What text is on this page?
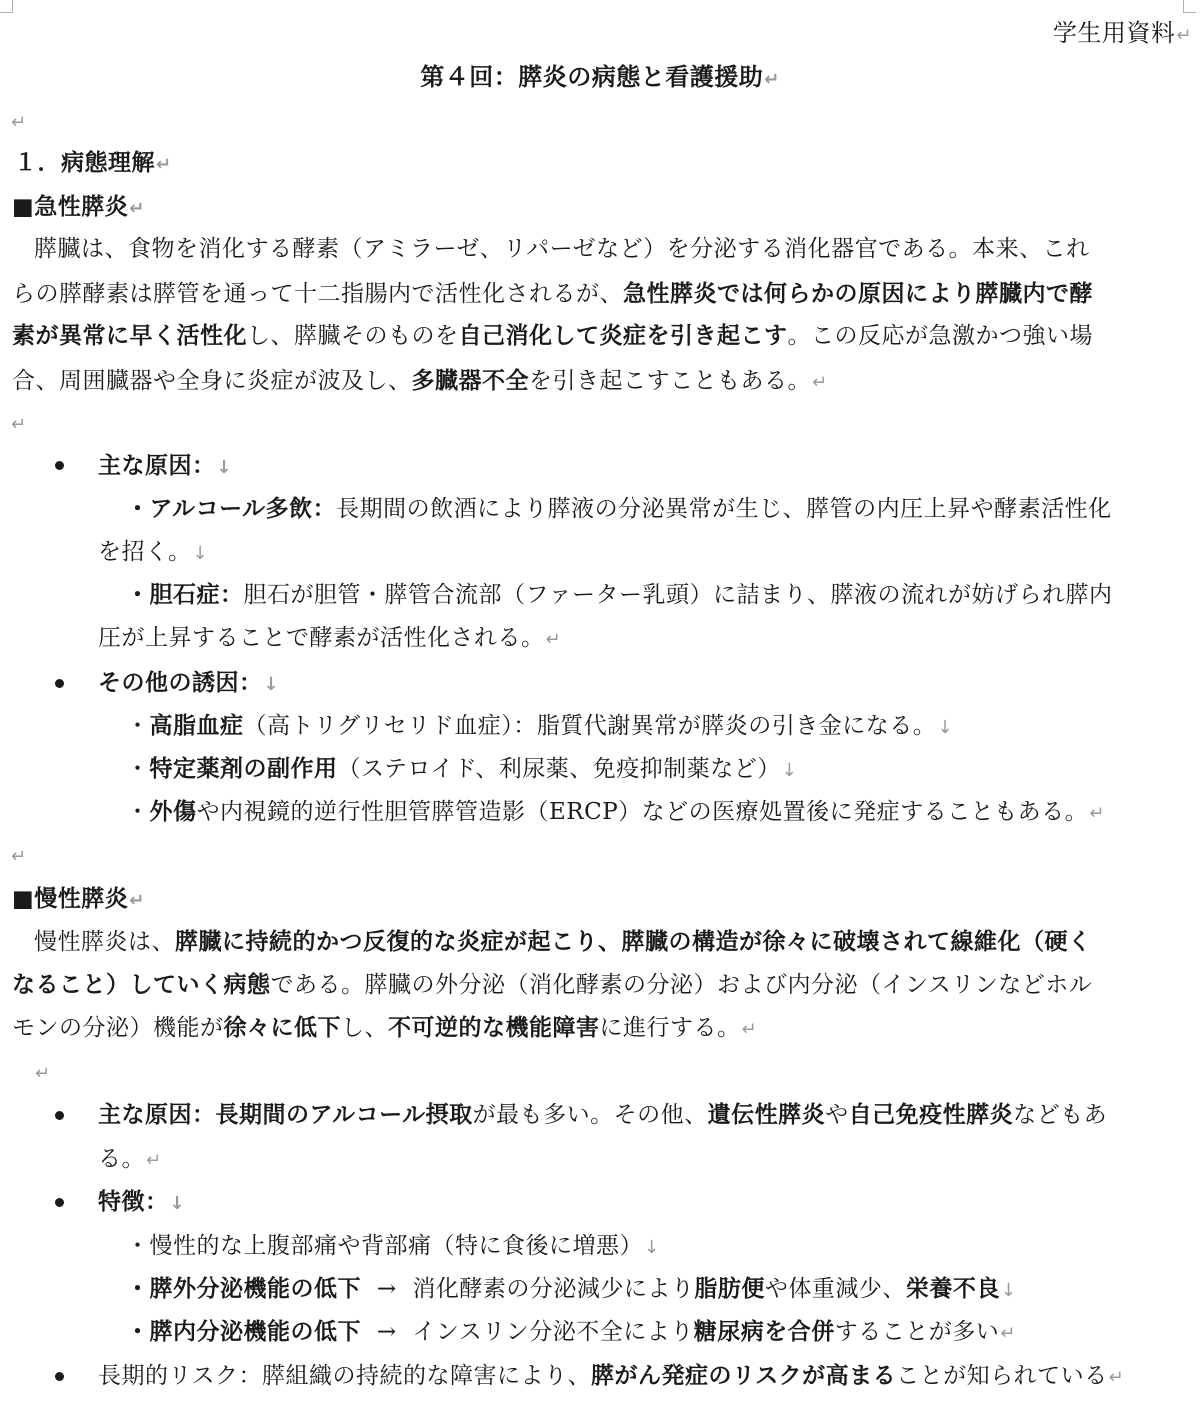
学生用資料↵
第４回：膵炎の病態と看護援助↵
↵
１．病態理解↵
■急性膵炎↵
膵臓は、食物を消化する酵素（アミラーゼ、リパーゼなど）を分泌する消化器官である。本来、これ
らの膵酵素は膵管を通って十二指腸内で活性化されるが、急性膵炎では何らかの原因により膵臓内で酵
素が異常に早く活性化し、膵臓そのものを自己消化して炎症を引き起こす。この反応が急激かつ強い場
合、周囲臓器や全身に炎症が波及し、多臓器不全を引き起こすこともある。↵
↵
主な原因：↓
・アルコール多飲：長期間の飲酒により膵液の分泌異常が生じ、膵管の内圧上昇や酵素活性化
を招く。↓
・胆石症：胆石が胆管・膵管合流部（ファーター乳頭）に詰まり、膵液の流れが妨げられ膵内
圧が上昇することで酵素が活性化される。↵
その他の誘因：↓
・高脂血症（高トリグリセリド血症）：脂質代謝異常が膵炎の引き金になる。↓
・特定薬剤の副作用（ステロイド、利尿薬、免疫抑制薬など）↓
・外傷や内視鏡的逆行性胆管膵管造影（ERCP）などの医療処置後に発症することもある。↵
↵
■慢性膵炎↵
慢性膵炎は、膵臓に持続的かつ反復的な炎症が起こり、膵臓の構造が徐々に破壊されて線維化（硬く
なること）していく病態である。膵臓の外分泌（消化酵素の分泌）および内分泌（インスリンなどホル
モンの分泌）機能が徐々に低下し、不可逆的な機能障害に進行する。↵
↵
主な原因：長期間のアルコール摂取が最も多い。その他、遺伝性膵炎や自己免疫性膵炎などもあ
る。↵
特徴：↓
・慢性的な上腹部痛や背部痛（特に食後に増悪）↓
・膵外分泌機能の低下 → 消化酵素の分泌減少により脂肪便や体重減少、栄養不良↓
・膵内分泌機能の低下 → インスリン分泌不全により糖尿病を合併することが多い↵
長期的リスク：膵組織の持続的な障害により、膵がん発症のリスクが高まることが知られている↵
